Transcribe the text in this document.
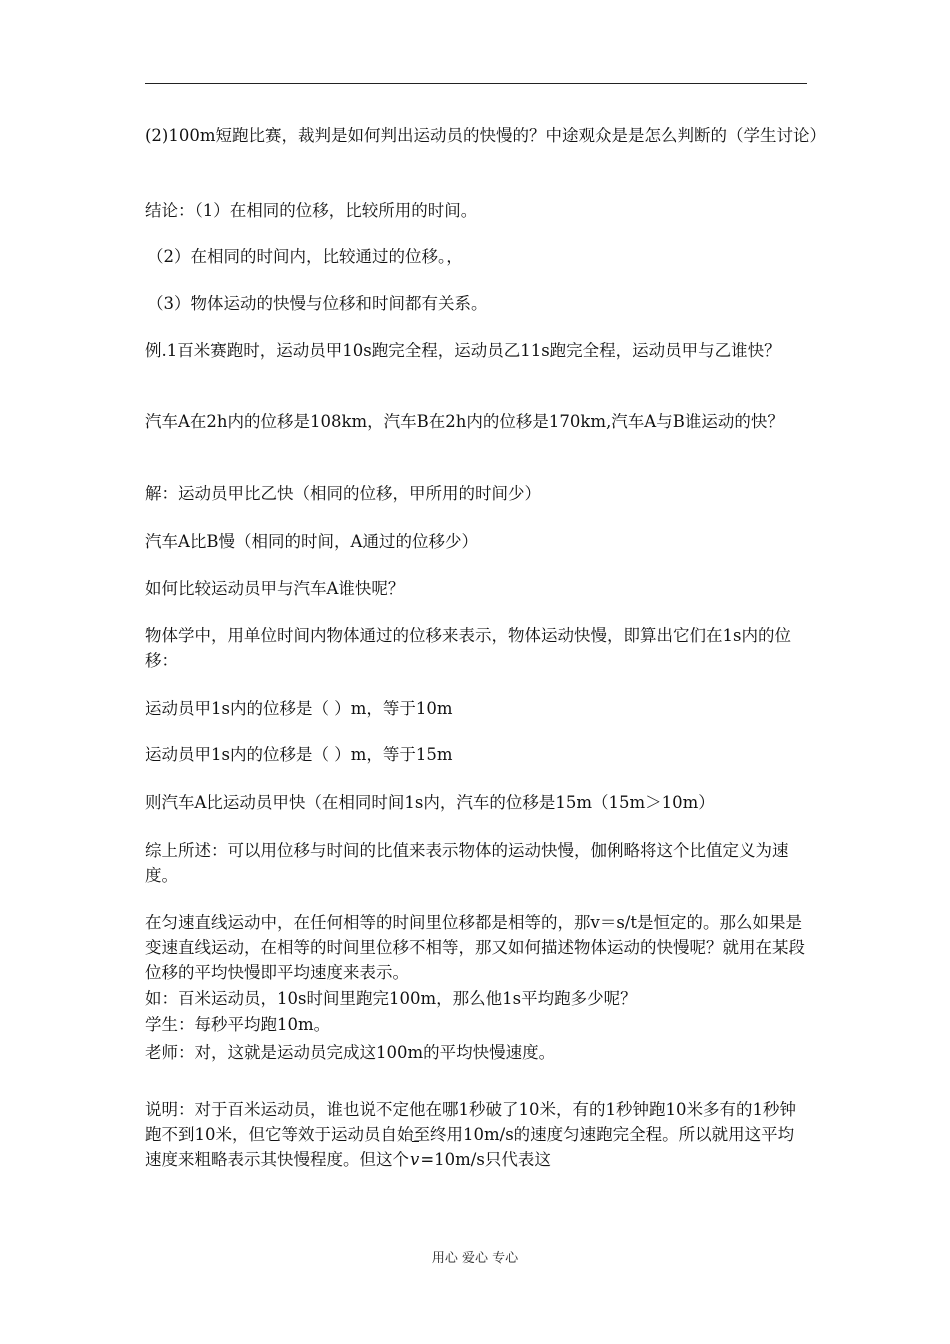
(2)100m短跑比赛，裁判是如何判出运动员的快慢的？中途观众是是怎么判断的（学生讨论）

结论：（1）在相同的位移，比较所用的时间。

（2）在相同的时间内，比较通过的位移。，

（3）物体运动的快慢与位移和时间都有关系。

例.1百米赛跑时，运动员甲10s跑完全程，运动员乙11s跑完全程，运动员甲与乙谁快？

汽车A在2h内的位移是108km，汽车B在2h内的位移是170km,汽车A与B谁运动的快？

解：运动员甲比乙快（相同的位移，甲所用的时间少）

汽车A比B慢（相同的时间，A通过的位移少）

如何比较运动员甲与汽车A谁快呢？

物体学中，用单位时间内物体通过的位移来表示，物体运动快慢，即算出它们在1s内的位移：

运动员甲1s内的位移是（ ）m，等于10m

运动员甲1s内的位移是（ ）m，等于15m

则汽车A比运动员甲快（在相同时间1s内，汽车的位移是15m（15m＞10m）

综上所述：可以用位移与时间的比值来表示物体的运动快慢，伽俐略将这个比值定义为速度。

在匀速直线运动中，在任何相等的时间里位移都是相等的，那v＝s/t是恒定的。那么如果是变速直线运动，在相等的时间里位移不相等，那又如何描述物体运动的快慢呢？就用在某段位移的平均快慢即平均速度来表示。

如：百米运动员，10s时间里跑完100m，那么他1s平均跑多少呢？

学生：每秒平均跑10m。

老师：对，这就是运动员完成这100m的平均快慢速度。

说明：对于百米运动员，谁也说不定他在哪1秒破了10米，有的1秒钟跑10米多有的1秒钟跑不到10米，但它等效于运动员自始至终用10m/s的速度匀速跑完全程。所以就用这平均速度来粗略表示其快慢程度。但这个v=10m/s只代表这

用心 爱心 专心
